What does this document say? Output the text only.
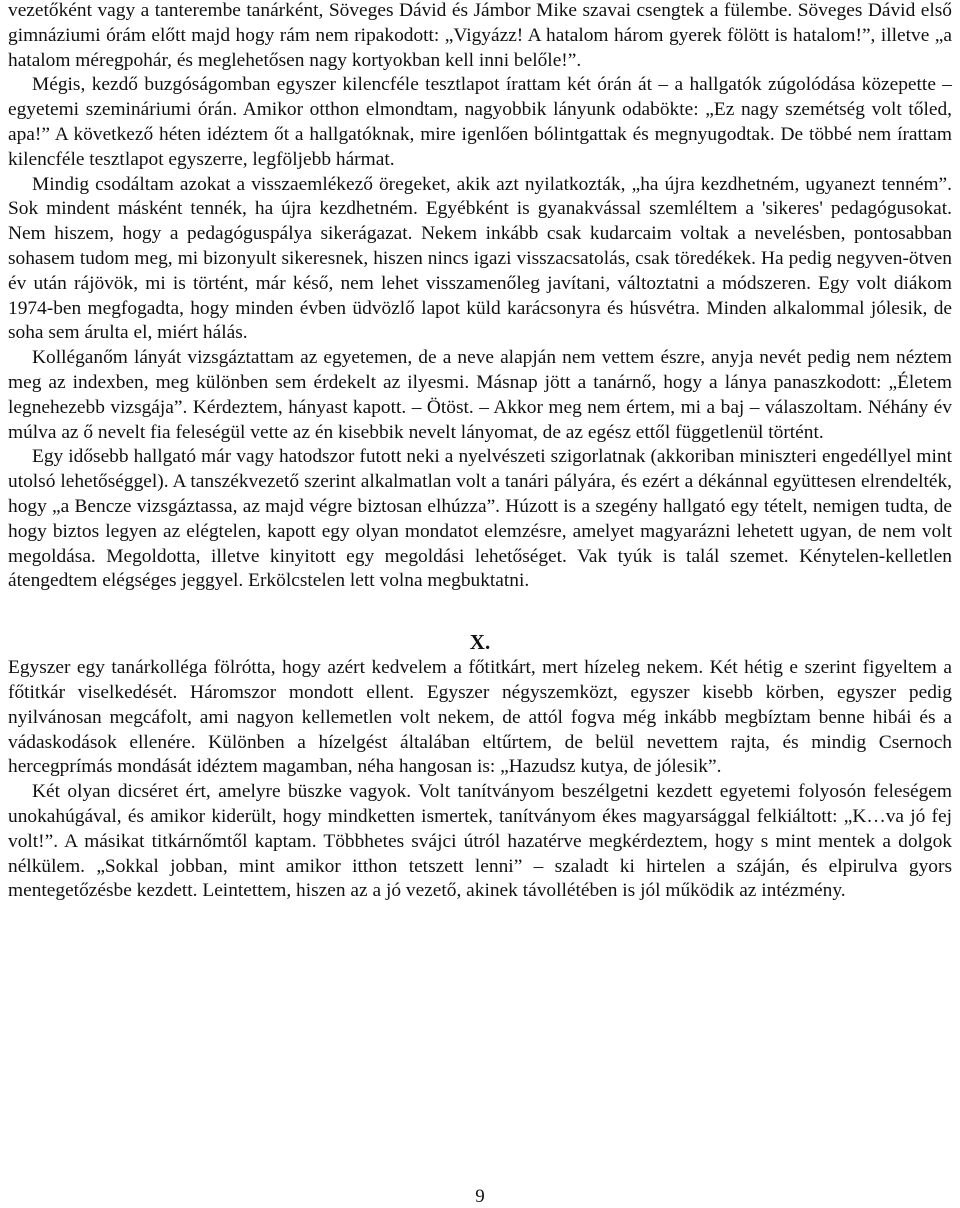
vezetőként vagy a tanterembe tanárként, Söveges Dávid és Jámbor Mike szavai csengtek a fülembe. Söveges Dávid első gimnáziumi órám előtt majd hogy rám nem ripakodott: „Vigyázz! A hatalom három gyerek fölött is hatalom!”, illetve „a hatalom méregpohár, és meglehetősen nagy kortyokban kell inni belőle!”.

Mégis, kezdő buzgóságomban egyszer kilencféle tesztlapot írattam két órán át – a hallgatók zúgolódása közepette – egyetemi szemináriumi órán. Amikor otthon elmondtam, nagyobbik lányunk odabökte: „Ez nagy szemétség volt tőled, apa!” A következő héten idéztem őt a hallgatóknak, mire igenlően bólintgattak és megnyugodtak. De többé nem írattam kilencféle tesztlapot egyszerre, legföljebb hármat.

Mindig csodáltam azokat a visszaemlékező öregeket, akik azt nyilatkozták, „ha újra kezdhetném, ugyanezt tenném”. Sok mindent másként tennék, ha újra kezdhetném. Egyébként is gyanakvással szemléltem a 'sikeres' pedagógusokat. Nem hiszem, hogy a pedagóguspálya sikerágazat. Nekem inkább csak kudarcaim voltak a nevelésben, pontosabban sohasem tudom meg, mi bizonyult sikeresnek, hiszen nincs igazi visszacsatolás, csak töredékek. Ha pedig negyven-ötven év után rájövök, mi is történt, már késő, nem lehet visszamenőleg javítani, változtatni a módszeren. Egy volt diákom 1974-ben megfogadta, hogy minden évben üdvözlő lapot küld karácsonyra és húsvétra. Minden alkalommal jólesik, de soha sem árulta el, miért hálás.

Kolléganőm lányát vizsgáztattam az egyetemen, de a neve alapján nem vettem észre, anyja nevét pedig nem néztem meg az indexben, meg különben sem érdekelt az ilyesmi. Másnap jött a tanárnő, hogy a lánya panaszkodott: „Életem legnehezebb vizsgája”. Kérdeztem, hányast kapott. – Ötöst. – Akkor meg nem értem, mi a baj – válaszoltam. Néhány év múlva az ő nevelt fia feleségül vette az én kisebbik nevelt lányomat, de az egész ettől függetlenül történt.

Egy idősebb hallgató már vagy hatodszor futott neki a nyelvészeti szigorlatnak (akkoriban miniszteri engedéllyel mint utolsó lehetőséggel). A tanszékvezető szerint alkalmatlan volt a tanári pályára, és ezért a dékánnal együttesen elrendelték, hogy „a Bencze vizsgáztassa, az majd végre biztosan elhúzza”. Húzott is a szegény hallgató egy tételt, nemigen tudta, de hogy biztos legyen az elégtelen, kapott egy olyan mondatot elemzésre, amelyet magyarázni lehetett ugyan, de nem volt megoldása. Megoldotta, illetve kinyitott egy megoldási lehetőséget. Vak tyúk is talál szemet. Kénytelen-kelletlen átengedtem elégséges jeggyel. Erkölcstelen lett volna megbuktatni.

X.

Egyszer egy tanárkolléga fölrótta, hogy azért kedvelem a főtitkárt, mert hízeleg nekem. Két hétig e szerint figyeltem a főtitkár viselkedését. Háromszor mondott ellent. Egyszer négyszemközt, egyszer kisebb körben, egyszer pedig nyilvánosan megcáfolt, ami nagyon kellemetlen volt nekem, de attól fogva még inkább megbíztam benne hibái és a vádaskodások ellenére. Különben a hízelgést általában eltűrtem, de belül nevettem rajta, és mindig Csernoch hercegprímás mondását idéztem magamban, néha hangosan is: „Hazudsz kutya, de jólesik”.

Két olyan dicséret ért, amelyre büszke vagyok. Volt tanítványom beszélgetni kezdett egyetemi folyosón feleségem unokahúgával, és amikor kiderült, hogy mindketten ismertek, tanítványom ékes magyarsággal felkiáltott: „K…va jó fej volt!”. A másikat titkárnőmtől kaptam. Többhetes svájci útról hazatérve megkérdeztem, hogy s mint mentek a dolgok nélkülem. „Sokkal jobban, mint amikor itthon tetszett lenni” – szaladt ki hirtelen a száján, és elpirulva gyors mentegetőzésbe kezdett. Leintettem, hiszen az a jó vezető, akinek távollétében is jól működik az intézmény.

9
